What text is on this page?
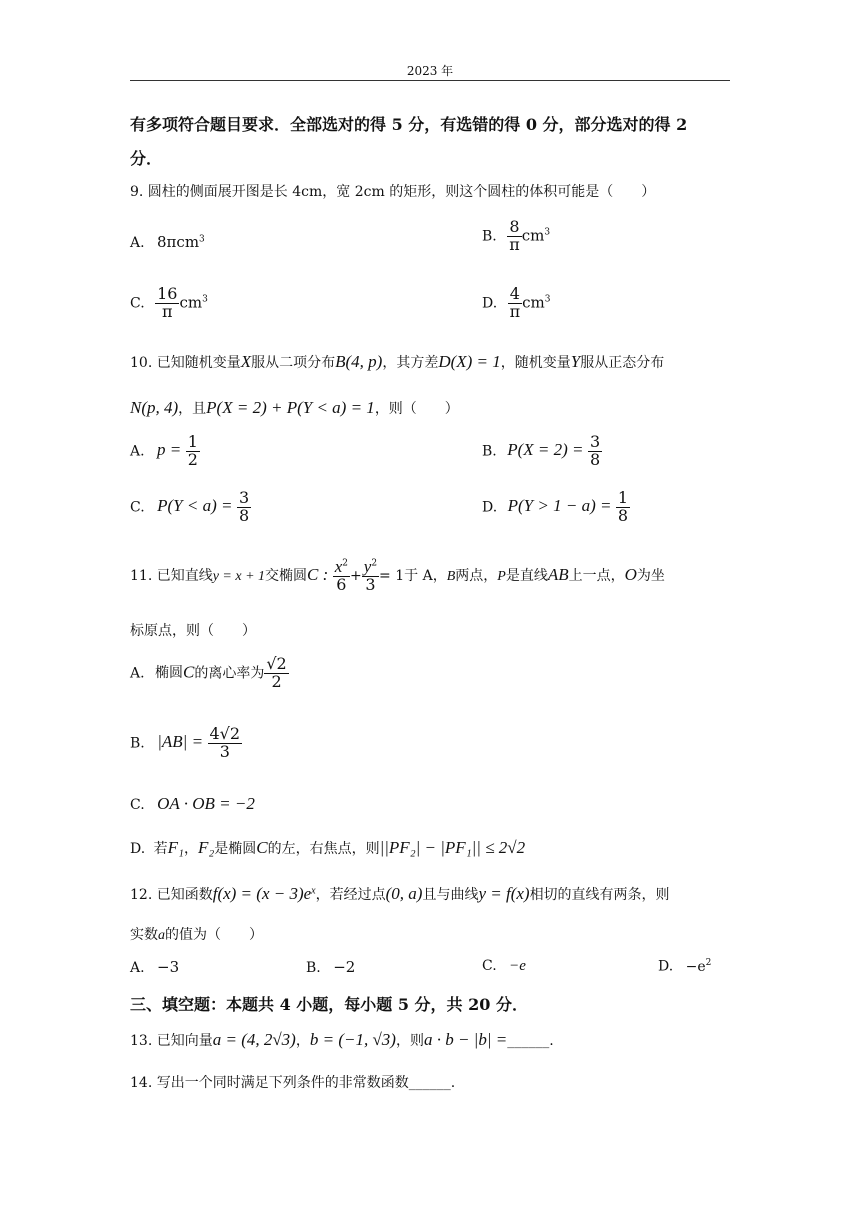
2023 年
有多项符合题目要求．全部选对的得 5 分，有选错的得 0 分，部分选对的得 2
分．
9. 圆柱的侧面展开图是长 4cm，宽 2cm 的矩形，则这个圆柱的体积可能是（　　）
A. 8πcm$^3$	B. $\frac{8}{\pi} cm^3$
C. $\frac{16}{\pi} cm^3$	D. $\frac{4}{\pi} cm^3$
10. 已知随机变量X服从二项分布B(4, p)，其方差D(X) = 1，随机变量Y服从正态分布
N(p, 4)，且P(X = 2) + P(Y < a) = 1，则（　　）
A. $p = \frac{1}{2}$	B. $P(X = 2) = \frac{3}{8}$
C. $P(Y < a) = \frac{3}{8}$	D. $P(Y > 1 - a) = \frac{1}{8}$
11. 已知直线y = x + 1交椭圆C : $\frac{x^2}{6} + \frac{y^2}{3} = 1$于 A，B两点，P是直线AB上一点，O为坐
标原点，则（　　）
A. 椭圆C的离心率为 $\frac{√2}{2}$
B. $|AB| = \frac{4√2}{3}$
C. OA · OB = −2
D. 若F₁，F₂是椭圆C的左，右焦点，则||PF₂| − |PF₁|| ≤ 2√2
12. 已知函数$f(x) = (x - 3)e^x$，若经过点(0, a)且与曲线y = f(x)相切的直线有两条，则
实数a的值为（　　）
A. −3	B. −2	C. −e	D. $-e^2$
三、填空题：本题共 4 小题，每小题 5 分，共 20 分．
13. 已知向量a = (4, 2√3)，b = (−1, √3)，则a · b − |b| =______.
14. 写出一个同时满足下列条件的非常数函数______.
